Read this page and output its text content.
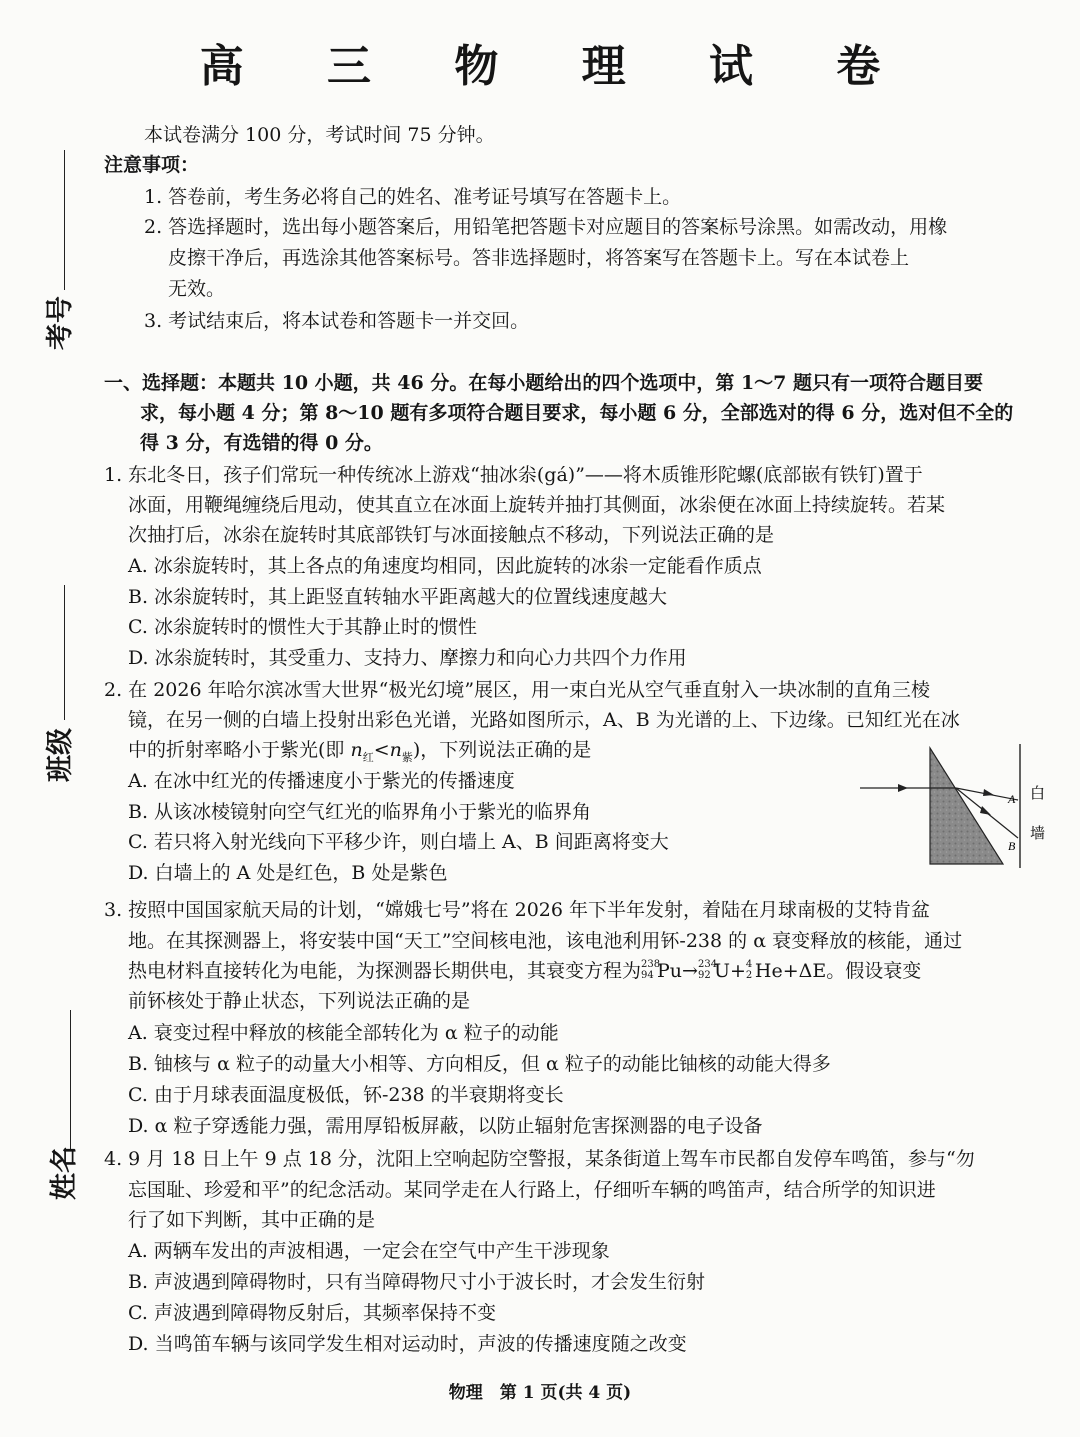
高 三 物 理 试 卷
考号
班级
姓名
本试卷满分 100 分，考试时间 75 分钟。
注意事项：
1. 答卷前，考生务必将自己的姓名、准考证号填写在答题卡上。
2. 答选择题时，选出每小题答案后，用铅笔把答题卡对应题目的答案标号涂黑。如需改动，用橡
皮擦干净后，再选涂其他答案标号。答非选择题时，将答案写在答题卡上。写在本试卷上
无效。
3. 考试结束后，将本试卷和答题卡一并交回。
一、选择题：本题共 10 小题，共 46 分。在每小题给出的四个选项中，第 1～7 题只有一项符合题目要
求，每小题 4 分；第 8～10 题有多项符合题目要求，每小题 6 分，全部选对的得 6 分，选对但不全的
得 3 分，有选错的得 0 分。
1. 东北冬日，孩子们常玩一种传统冰上游戏“抽冰尜(gá)”——将木质锥形陀螺(底部嵌有铁钉)置于
冰面，用鞭绳缠绕后甩动，使其直立在冰面上旋转并抽打其侧面，冰尜便在冰面上持续旋转。若某
次抽打后，冰尜在旋转时其底部铁钉与冰面接触点不移动，下列说法正确的是
A. 冰尜旋转时，其上各点的角速度均相同，因此旋转的冰尜一定能看作质点
B. 冰尜旋转时，其上距竖直转轴水平距离越大的位置线速度越大
C. 冰尜旋转时的惯性大于其静止时的惯性
D. 冰尜旋转时，其受重力、支持力、摩擦力和向心力共四个力作用
2. 在 2026 年哈尔滨冰雪大世界“极光幻境”展区，用一束白光从空气垂直射入一块冰制的直角三棱
镜，在另一侧的白墙上投射出彩色光谱，光路如图所示，A、B 为光谱的上、下边缘。已知红光在冰
中的折射率略小于紫光(即 $n_红<n_紫$)，下列说法正确的是
A. 在冰中红光的传播速度小于紫光的传播速度
B. 从该冰棱镜射向空气红光的临界角小于紫光的临界角
C. 若只将入射光线向下平移少许，则白墙上 A、B 间距离将变大
D. 白墙上的 A 处是红色，B 处是紫色
A
B
白
墙
3. 按照中国国家航天局的计划，“嫦娥七号”将在 2026 年下半年发射，着陆在月球南极的艾特肯盆
地。在其探测器上，将安装中国“天工”空间核电池，该电池利用钚-238 的 α 衰变释放的核能，通过
热电材料直接转化为电能，为探测器长期供电，其衰变方程为 238
94 Pu→ 234
92 U+ 4
2 He+ΔE。假设衰变
前钚核处于静止状态，下列说法正确的是
A. 衰变过程中释放的核能全部转化为 α 粒子的动能
B. 铀核与 α 粒子的动量大小相等、方向相反，但 α 粒子的动能比铀核的动能大得多
C. 由于月球表面温度极低，钚-238 的半衰期将变长
D. α 粒子穿透能力强，需用厚铅板屏蔽，以防止辐射危害探测器的电子设备
4. 9 月 18 日上午 9 点 18 分，沈阳上空响起防空警报，某条街道上驾车市民都自发停车鸣笛，参与“勿
忘国耻、珍爱和平”的纪念活动。某同学走在人行路上，仔细听车辆的鸣笛声，结合所学的知识进
行了如下判断，其中正确的是
A. 两辆车发出的声波相遇，一定会在空气中产生干涉现象
B. 声波遇到障碍物时，只有当障碍物尺寸小于波长时，才会发生衍射
C. 声波遇到障碍物反射后，其频率保持不变
D. 当鸣笛车辆与该同学发生相对运动时，声波的传播速度随之改变
物理　第 1 页(共 4 页)
